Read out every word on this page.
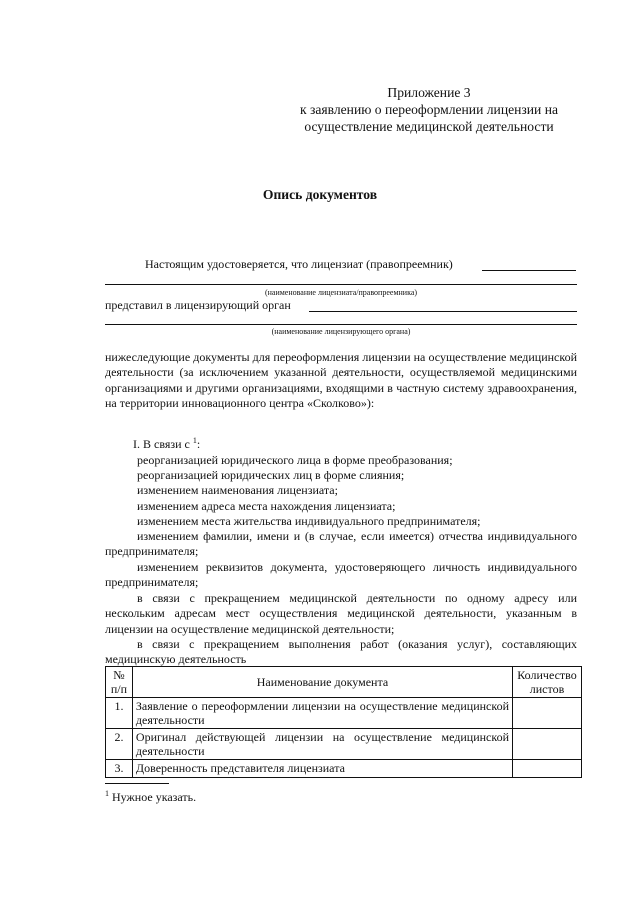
Приложение 3
к заявлению о переоформлении лицензии на
осуществление медицинской деятельности
Опись документов
Настоящим удостоверяется, что лицензиат (правопреемник)
(наименование лицензиата/правопреемника)
представил в лицензирующий орган
(наименование лицензирующего органа)
нижеследующие документы для переоформления лицензии на осуществление медицинской деятельности (за исключением указанной деятельности, осуществляемой медицинскими организациями и другими организациями, входящими в частную систему здравоохранения, на территории инновационного центра «Сколково»):
I. В связи с $^1$:
реорганизацией юридического лица в форме преобразования;
реорганизацией юридических лиц в форме слияния;
изменением наименования лицензиата;
изменением адреса места нахождения лицензиата;
изменением места жительства индивидуального предпринимателя;
изменением фамилии, имени и (в случае, если имеется) отчества индивидуального предпринимателя;
изменением реквизитов документа, удостоверяющего личность индивидуального предпринимателя;
в связи с прекращением медицинской деятельности по одному адресу или нескольким адресам мест осуществления медицинской деятельности, указанным в лицензии на осуществление медицинской деятельности;
в связи с прекращением выполнения работ (оказания услуг), составляющих медицинскую деятельность
№ п/п	Наименование документа	Количество листов
1.	Заявление о переоформлении лицензии на осуществление медицинской деятельности	
2.	Оригинал действующей лицензии на осуществление медицинской деятельности	
3.	Доверенность представителя лицензиата	
$^1$ Нужное указать.
